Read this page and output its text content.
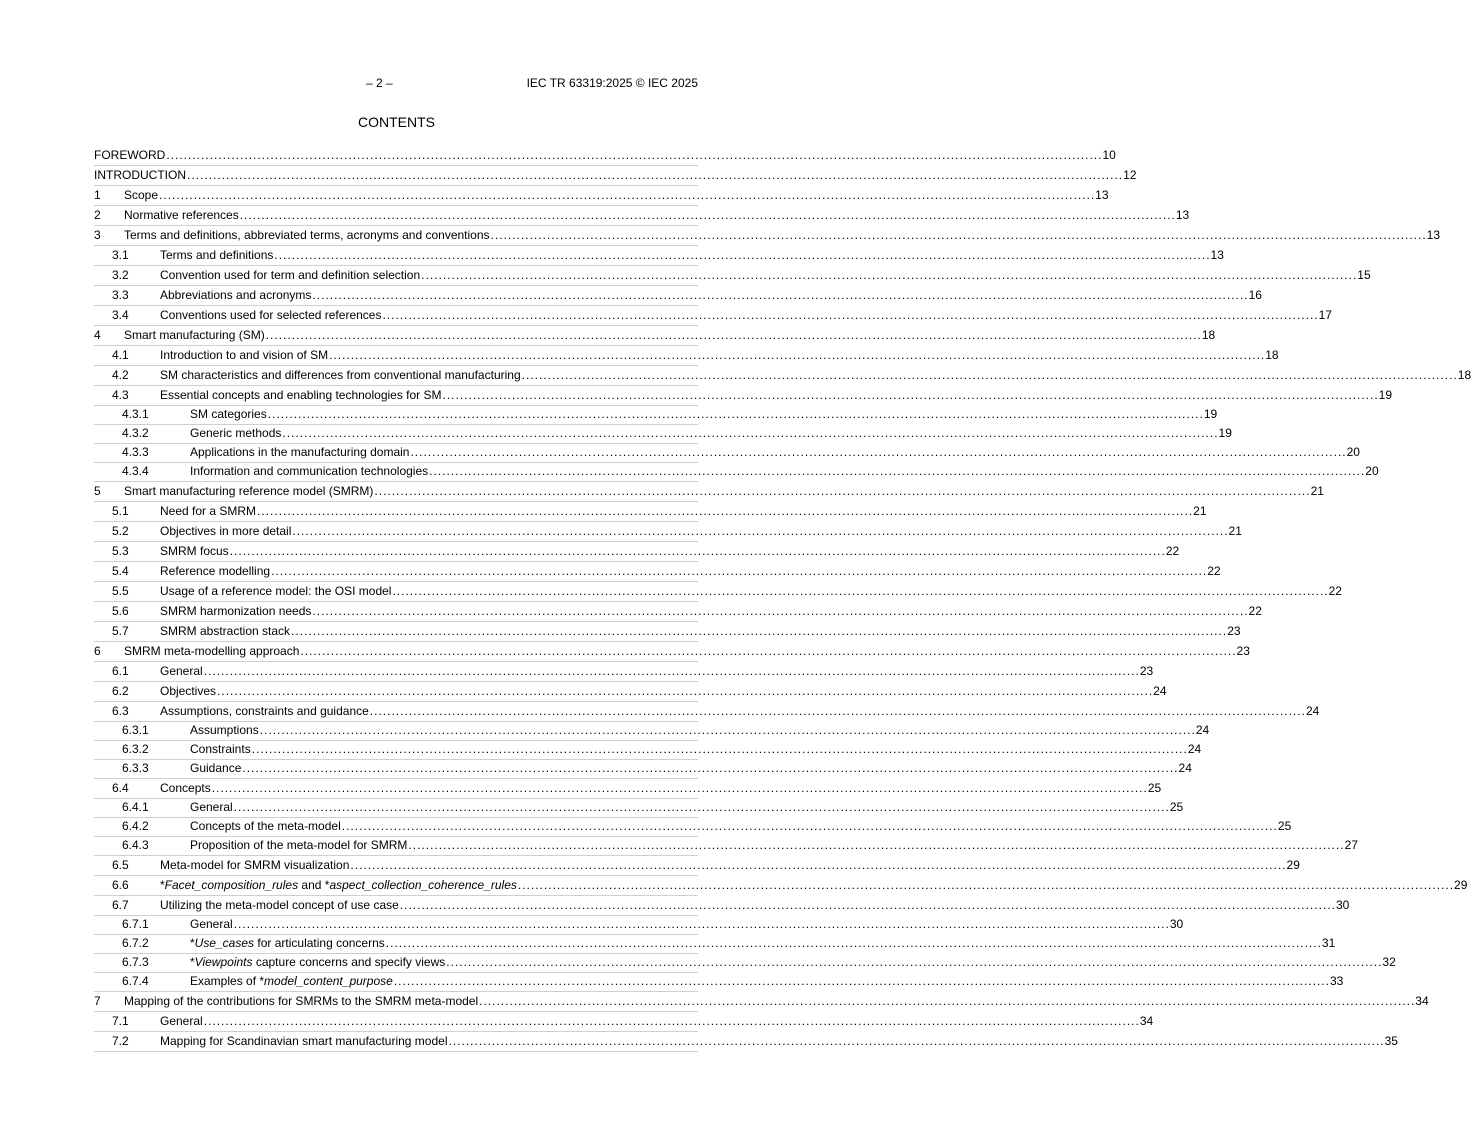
– 2 –	IEC TR 63319:2025 © IEC 2025
CONTENTS
FOREWORD .....	10
INTRODUCTION .....	12
1	Scope .....	13
2	Normative references .....	13
3	Terms and definitions, abbreviated terms, acronyms and conventions .....	13
3.1	Terms and definitions .....	13
3.2	Convention used for term and definition selection .....	15
3.3	Abbreviations and acronyms .....	16
3.4	Conventions used for selected references .....	17
4	Smart manufacturing (SM) .....	18
4.1	Introduction to and vision of SM .....	18
4.2	SM characteristics and differences from conventional manufacturing .....	18
4.3	Essential concepts and enabling technologies for SM .....	19
4.3.1	SM categories .....	19
4.3.2	Generic methods .....	19
4.3.3	Applications in the manufacturing domain .....	20
4.3.4	Information and communication technologies .....	20
5	Smart manufacturing reference model (SMRM) .....	21
5.1	Need for a SMRM .....	21
5.2	Objectives in more detail .....	21
5.3	SMRM focus .....	22
5.4	Reference modelling .....	22
5.5	Usage of a reference model: the OSI model .....	22
5.6	SMRM harmonization needs .....	22
5.7	SMRM abstraction stack .....	23
6	SMRM meta-modelling approach .....	23
6.1	General .....	23
6.2	Objectives .....	24
6.3	Assumptions, constraints and guidance .....	24
6.3.1	Assumptions .....	24
6.3.2	Constraints .....	24
6.3.3	Guidance .....	24
6.4	Concepts .....	25
6.4.1	General .....	25
6.4.2	Concepts of the meta-model .....	25
6.4.3	Proposition of the meta-model for SMRM .....	27
6.5	Meta-model for SMRM visualization .....	29
6.6	*Facet_composition_rules and *aspect_collection_coherence_rules .....	29
6.7	Utilizing the meta-model concept of use case .....	30
6.7.1	General .....	30
6.7.2	*Use_cases for articulating concerns .....	31
6.7.3	*Viewpoints capture concerns and specify views .....	32
6.7.4	Examples of *model_content_purpose .....	33
7	Mapping of the contributions for SMRMs to the SMRM meta-model .....	34
7.1	General .....	34
7.2	Mapping for Scandinavian smart manufacturing model .....	35
